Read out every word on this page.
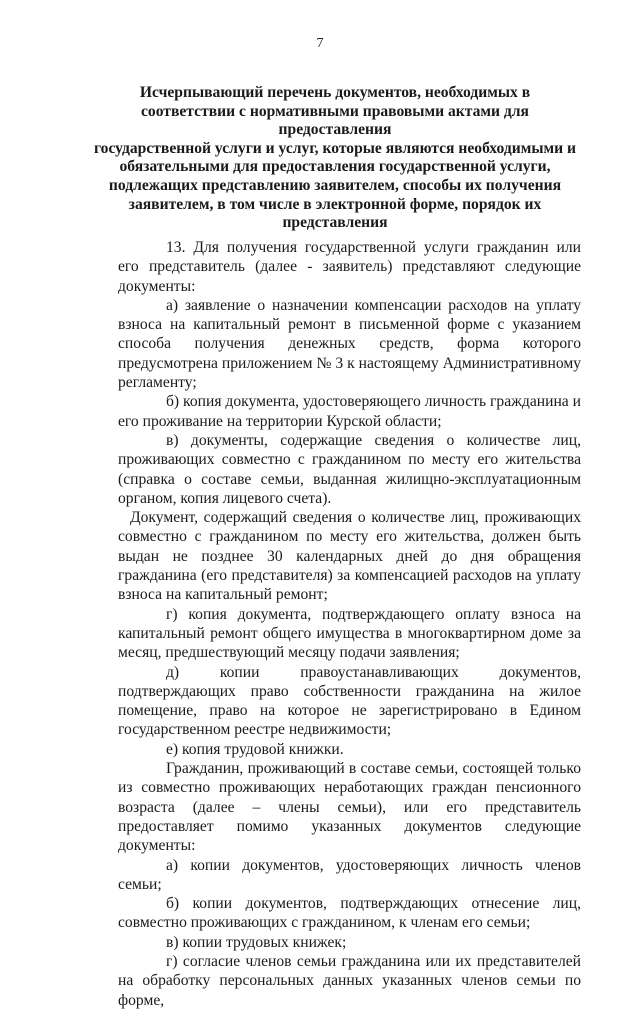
7
Исчерпывающий перечень документов, необходимых в
соответствии с нормативными правовыми актами для предоставления
государственной услуги и услуг, которые являются необходимыми и
обязательными для предоставления государственной услуги,
подлежащих представлению заявителем, способы их получения
заявителем, в том числе в электронной форме, порядок их
представления

13. Для получения государственной услуги гражданин или его представитель (далее - заявитель) представляют следующие документы:

а) заявление о назначении компенсации расходов на уплату взноса на капитальный ремонт в письменной форме с указанием способа получения денежных средств, форма которого предусмотрена приложением № 3 к настоящему Административному регламенту;

б) копия документа, удостоверяющего личность гражданина и его проживание на территории Курской области;

в) документы, содержащие сведения о количестве лиц, проживающих совместно с гражданином по месту его жительства (справка о составе семьи, выданная жилищно-эксплуатационным органом, копия лицевого счета).

Документ, содержащий сведения о количестве лиц, проживающих совместно с гражданином по месту его жительства, должен быть выдан не позднее 30 календарных дней до дня обращения гражданина (его представителя) за компенсацией расходов на уплату взноса на капитальный ремонт;

г) копия документа, подтверждающего оплату взноса на капитальный ремонт общего имущества в многоквартирном доме за месяц, предшествующий месяцу подачи заявления;

д) копии правоустанавливающих документов, подтверждающих право собственности гражданина на жилое помещение, право на которое не зарегистрировано в Едином государственном реестре недвижимости;

е) копия трудовой книжки.

Гражданин, проживающий в составе семьи, состоящей только из совместно проживающих неработающих граждан пенсионного возраста (далее – члены семьи), или его представитель предоставляет помимо указанных документов следующие документы:

а) копии документов, удостоверяющих личность членов семьи;

б) копии документов, подтверждающих отнесение лиц, совместно проживающих с гражданином, к членам его семьи;

в) копии трудовых книжек;

г) согласие членов семьи гражданина или их представителей на обработку персональных данных указанных членов семьи по форме,
